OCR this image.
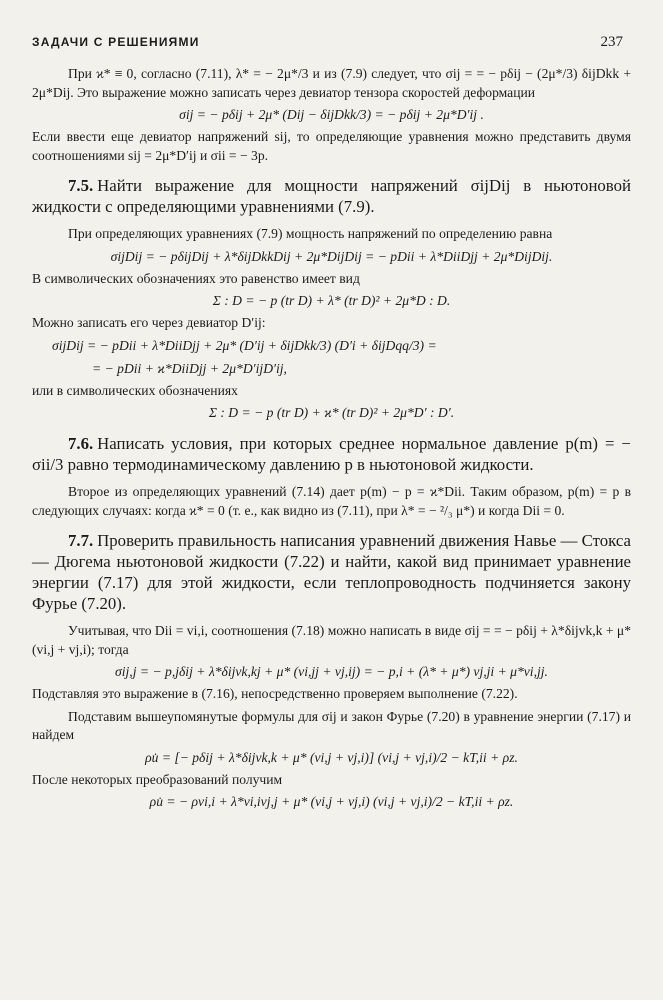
ЗАДАЧИ С РЕШЕНИЯМИ	237

При ϰ* ≡ 0, согласно (7.11), λ* = − 2μ*/3 и из (7.9) следует, что σij = = − pδij − (2μ*/3) δijDkk + 2μ*Dij. Это выражение можно записать через девиатор тензора скоростей деформации

σij = − pδij + 2μ* (Dij − δijDkk/3) = − pδij + 2μ*D′ij .

Если ввести еще девиатор напряжений sij, то определяющие уравнения можно представить двумя соотношениями sij = 2μ*D′ij и σii = − 3p.

7.5. Найти выражение для мощности напряжений σijDij в ньютоновой жидкости с определяющими уравнениями (7.9).

При определяющих уравнениях (7.9) мощность напряжений по определению равна

σijDij = − pδijDij + λ*δijDkkDij + 2μ*DijDij = − pDii + λ*DiiDjj + 2μ*DijDij.

В символических обозначениях это равенство имеет вид

Σ : D = − p (tr D) + λ* (tr D)² + 2μ*D : D.

Можно записать его через девиатор D′ij:

σijDij = − pDii + λ*DiiDjj + 2μ* (D′ij + δijDkk/3) (D′i + δijDqq/3) =
= − pDii + ϰ*DiiDjj + 2μ*D′ijD′ij,

или в символических обозначениях

Σ : D = − p (tr D) + ϰ* (tr D)² + 2μ*D′ : D′.
7.6. Написать условия, при которых среднее нормальное давление p(m) = − σii/3 равно термодинамическому давлению p в ньютоновой жидкости.

Второе из определяющих уравнений (7.14) дает p(m) − p = ϰ*Dii. Таким образом, p(m) = p в следующих случаях: когда ϰ* = 0 (т. е., как видно из (7.11), при λ* = − ²/₃ μ*) и когда Dii = 0.

7.7. Проверить правильность написания уравнений движения Навье — Стокса — Дюгема ньютоновой жидкости (7.22) и найти, какой вид принимает уравнение энергии (7.17) для этой жидкости, если теплопроводность подчиняется закону Фурье (7.20).

Учитывая, что Dii = vi,i, соотношения (7.18) можно написать в виде σij = = − pδij + λ*δijvk,k + μ* (vi,j + vj,i); тогда

σij,j = − p,jδij + λ*δijvk,kj + μ* (vi,jj + vj,ij) = − p,i + (λ* + μ*) vj,ji + μ*vi,jj.

Подставляя это выражение в (7.16), непосредственно проверяем выполнение (7.22).

Подставим вышеупомянутые формулы для σij и закон Фурье (7.20) в уравнение энергии (7.17) и найдем

ρu̇ = [− pδij + λ*δijvk,k + μ* (vi,j + vj,i)] (vi,j + vj,i)/2 − kT,ii + ρz.

После некоторых преобразований получим

ρu̇ = − ρvi,i + λ*vi,ivj,j + μ* (vi,j + vj,i) (vi,j + vj,i)/2 − kT,ii + ρz.
